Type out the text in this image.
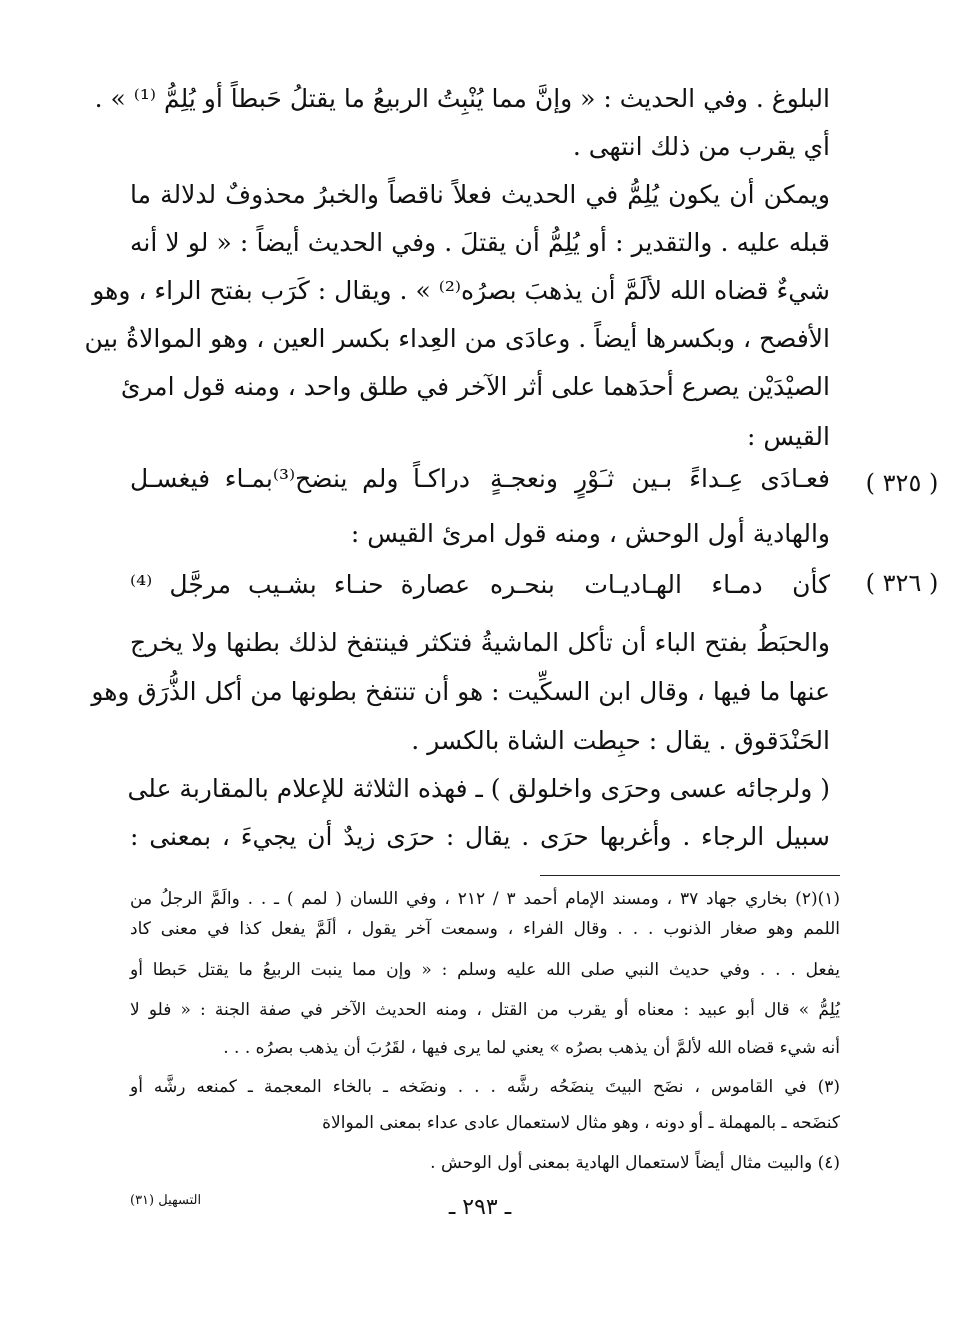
البلوغ . وفي الحديث : « وإنَّ مما يُنْبِتُ الربيعُ ما يقتلُ حَبطاً أو يُلِمُّ ⁽¹⁾ » .
أي يقرب من ذلك انتهى .
ويمكن أن يكون يُلِمُّ في الحديث فعلاً ناقصاً والخبرُ محذوفٌ لدلالة ما
قبله عليه . والتقدير : أو يُلِمُّ أن يقتلَ . وفي الحديث أيضاً : « لو لا أنه
شيءٌ قضاه الله لألَمَّ أن يذهبَ بصرُه⁽²⁾ » . ويقال : كَرَب بفتح الراء ، وهو
الأفصح ، وبكسرها أيضاً . وعادَى من العِداء بكسر العين ، وهو الموالاةُ بين
الصيْدَيْن يصرع أحدَهما على أثر الآخر في طلق واحد ، ومنه قول امرئ
القيس :
( ٣٢٥ )
فعـادَى عِـداءً بـين ثـَوْرٍ ونعجـةٍ
دراكـاً ولم ينضح⁽³⁾بمـاء فيغسـل
والهادية أول الوحش ، ومنه قول امرئ القيس :
( ٣٢٦ )
كأن دمـاء الهـاديـات بنحـره
عصارة حنـاء بشـيب مرجَّل ⁽⁴⁾
والحبَطُ بفتح الباء أن تأكل الماشيةُ فتكثر فينتفخ لذلك بطنها ولا يخرج
عنها ما فيها ، وقال ابن السكِّيت : هو أن تنتفخ بطونها من أكل الذُّرَق وهو
الحَنْدَقوق . يقال : حبِطت الشاة بالكسر .
( ولرجائه عسى وحرَى واخلولق ) ـ فهذه الثلاثة للإعلام بالمقاربة على
سبيل الرجاء . وأغربها حرَى . يقال : حرَى زيدٌ أن يجيءَ ، بمعنى :
(١)(٢) بخاري جهاد ٣٧ ، ومسند الإمام أحمد ٣ / ٢١٢ ، وفي اللسان ( لمم ) ـ . . والَمَّ الرجلُ من
اللمم وهو صغار الذنوب . . . وقال الفراء ، وسمعت آخر يقول ، ألَمَّ يفعل كذا في معنى كاد
يفعل . . . وفي حديث النبي صلى الله عليه وسلم : « وإن مما ينبت الربيعُ ما يقتل حَبطا أو
يُلِمُّ » قال أبو عبيد : معناه أو يقرب من القتل ، ومنه الحديث الآخر في صفة الجنة : « فلو لا
أنه شيء قضاه الله لألمَّ أن يذهب بصرُه » يعني لما يرى فيها ، لقَرُبَ أن يذهب بصرُه . . .
(٣) في القاموس ، نضَح البيتَ ينضَحُه رشَّه . . . ونضَخه ـ بالخاء المعجمة ـ كمنعه رشَّه أو
كنضَحه ـ بالمهملة ـ أو دونه ، وهو مثال لاستعمال عادى عداء بمعنى الموالاة
(٤) والبيت مثال أيضاً لاستعمال الهادية بمعنى أول الوحش .
التسهيل (٣١)	ـ ٢٩٣ ـ
